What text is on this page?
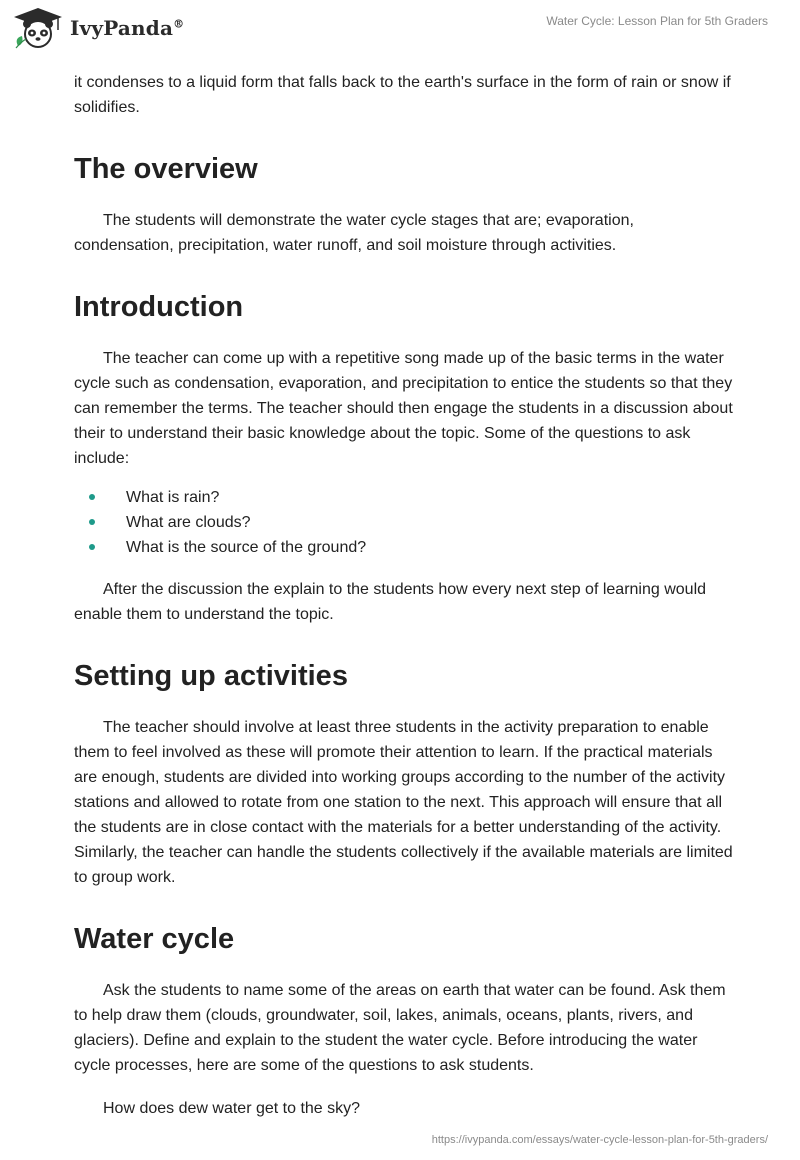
IvyPanda®	Water Cycle: Lesson Plan for 5th Graders

it condenses to a liquid form that falls back to the earth's surface in the form of rain or snow if solidifies.

The overview

The students will demonstrate the water cycle stages that are; evaporation, condensation, precipitation, water runoff, and soil moisture through activities.

Introduction

The teacher can come up with a repetitive song made up of the basic terms in the water cycle such as condensation, evaporation, and precipitation to entice the students so that they can remember the terms. The teacher should then engage the students in a discussion about their to understand their basic knowledge about the topic. Some of the questions to ask include:

What is rain?
What are clouds?
What is the source of the ground?

After the discussion the explain to the students how every next step of learning would enable them to understand the topic.

Setting up activities

The teacher should involve at least three students in the activity preparation to enable them to feel involved as these will promote their attention to learn. If the practical materials are enough, students are divided into working groups according to the number of the activity stations and allowed to rotate from one station to the next. This approach will ensure that all the students are in close contact with the materials for a better understanding of the activity. Similarly, the teacher can handle the students collectively if the available materials are limited to group work.

Water cycle

Ask the students to name some of the areas on earth that water can be found. Ask them to help draw them (clouds, groundwater, soil, lakes, animals, oceans, plants, rivers, and glaciers). Define and explain to the student the water cycle. Before introducing the water cycle processes, here are some of the questions to ask students.

How does dew water get to the sky?

https://ivypanda.com/essays/water-cycle-lesson-plan-for-5th-graders/
